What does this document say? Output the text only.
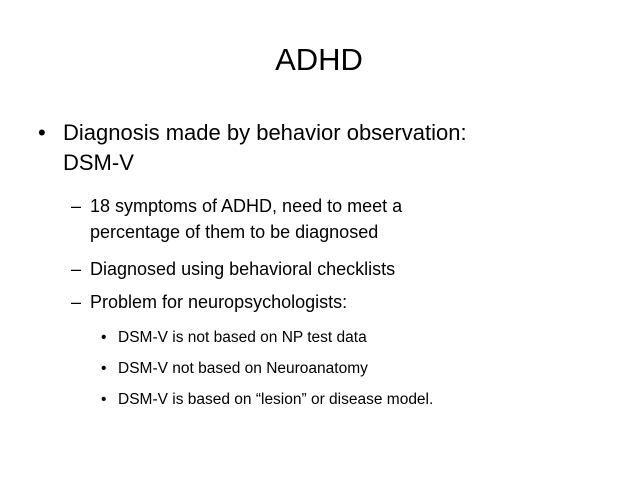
ADHD
• Diagnosis made by behavior observation:
DSM-V
– 18 symptoms of ADHD, need to meet a
percentage of them to be diagnosed
– Diagnosed using behavioral checklists
– Problem for neuropsychologists:
• DSM-V is not based on NP test data
• DSM-V not based on Neuroanatomy
• DSM-V is based on “lesion” or disease model.
